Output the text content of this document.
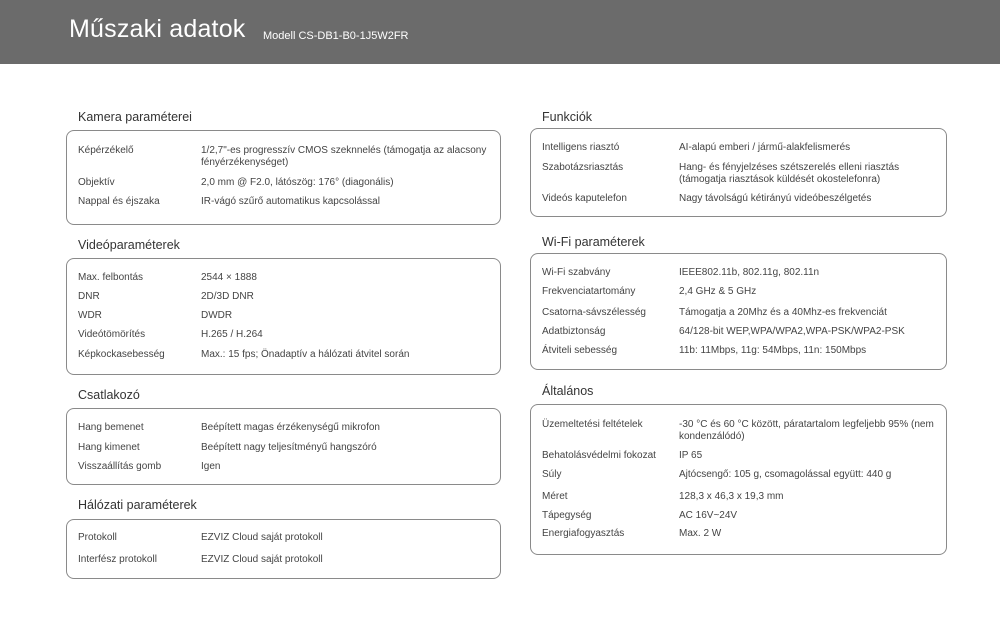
Műszaki adatok Modell CS-DB1-B0-1J5W2FR
Kamera paraméterei
Képérzékelő	1/2,7"-es progresszív CMOS szeknnelés (támogatja az alacsony fényérzékenységet)
Objektív	2,0 mm @ F2.0, látószög: 176° (diagonális)
Nappal és éjszaka	IR-vágó szűrő automatikus kapcsolással
Videóparaméterek
Max. felbontás	2544 × 1888
DNR	2D/3D DNR
WDR	DWDR
Videótömörítés	H.265 / H.264
Képkockasebesség	Max.: 15 fps; Önadaptív a hálózati átvitel során
Csatlakozó
Hang bemenet	Beépített magas érzékenységű mikrofon
Hang kimenet	Beépített nagy teljesítményű hangszóró
Visszaállítás gomb	Igen
Hálózati paraméterek
Protokoll	EZVIZ Cloud saját protokoll
Interfész protokoll	EZVIZ Cloud saját protokoll
Funkciók
Intelligens riasztó	AI-alapú emberi / jármű-alakfelismerés
Szabotázsriasztás	Hang- és fényjelzéses szétszerelés elleni riasztás (támogatja riasztások küldését okostelefonra)
Videós kaputelefon	Nagy távolságú kétirányú videóbeszélgetés
Wi-Fi paraméterek
Wi-Fi szabvány	IEEE802.11b, 802.11g, 802.11n
Frekvenciatartomány	2,4 GHz & 5 GHz
Csatorna-sávszélesség	Támogatja a 20Mhz és a 40Mhz-es frekvenciát
Adatbiztonság	64/128-bit WEP,WPA/WPA2,WPA-PSK/WPA2-PSK
Átviteli sebesség	11b: 11Mbps, 11g: 54Mbps, 11n: 150Mbps
Általános
Üzemeltetési feltételek	-30 °C és 60 °C között, páratartalom legfeljebb 95% (nem kondenzálódó)
Behatolásvédelmi fokozat IP 65
Súly	Ajtócsengő: 105 g, csomagolással együtt: 440 g
Méret	128,3 x 46,3 x 19,3 mm
Tápegység	AC 16V~24V
Energiafogyasztás	Max. 2 W
